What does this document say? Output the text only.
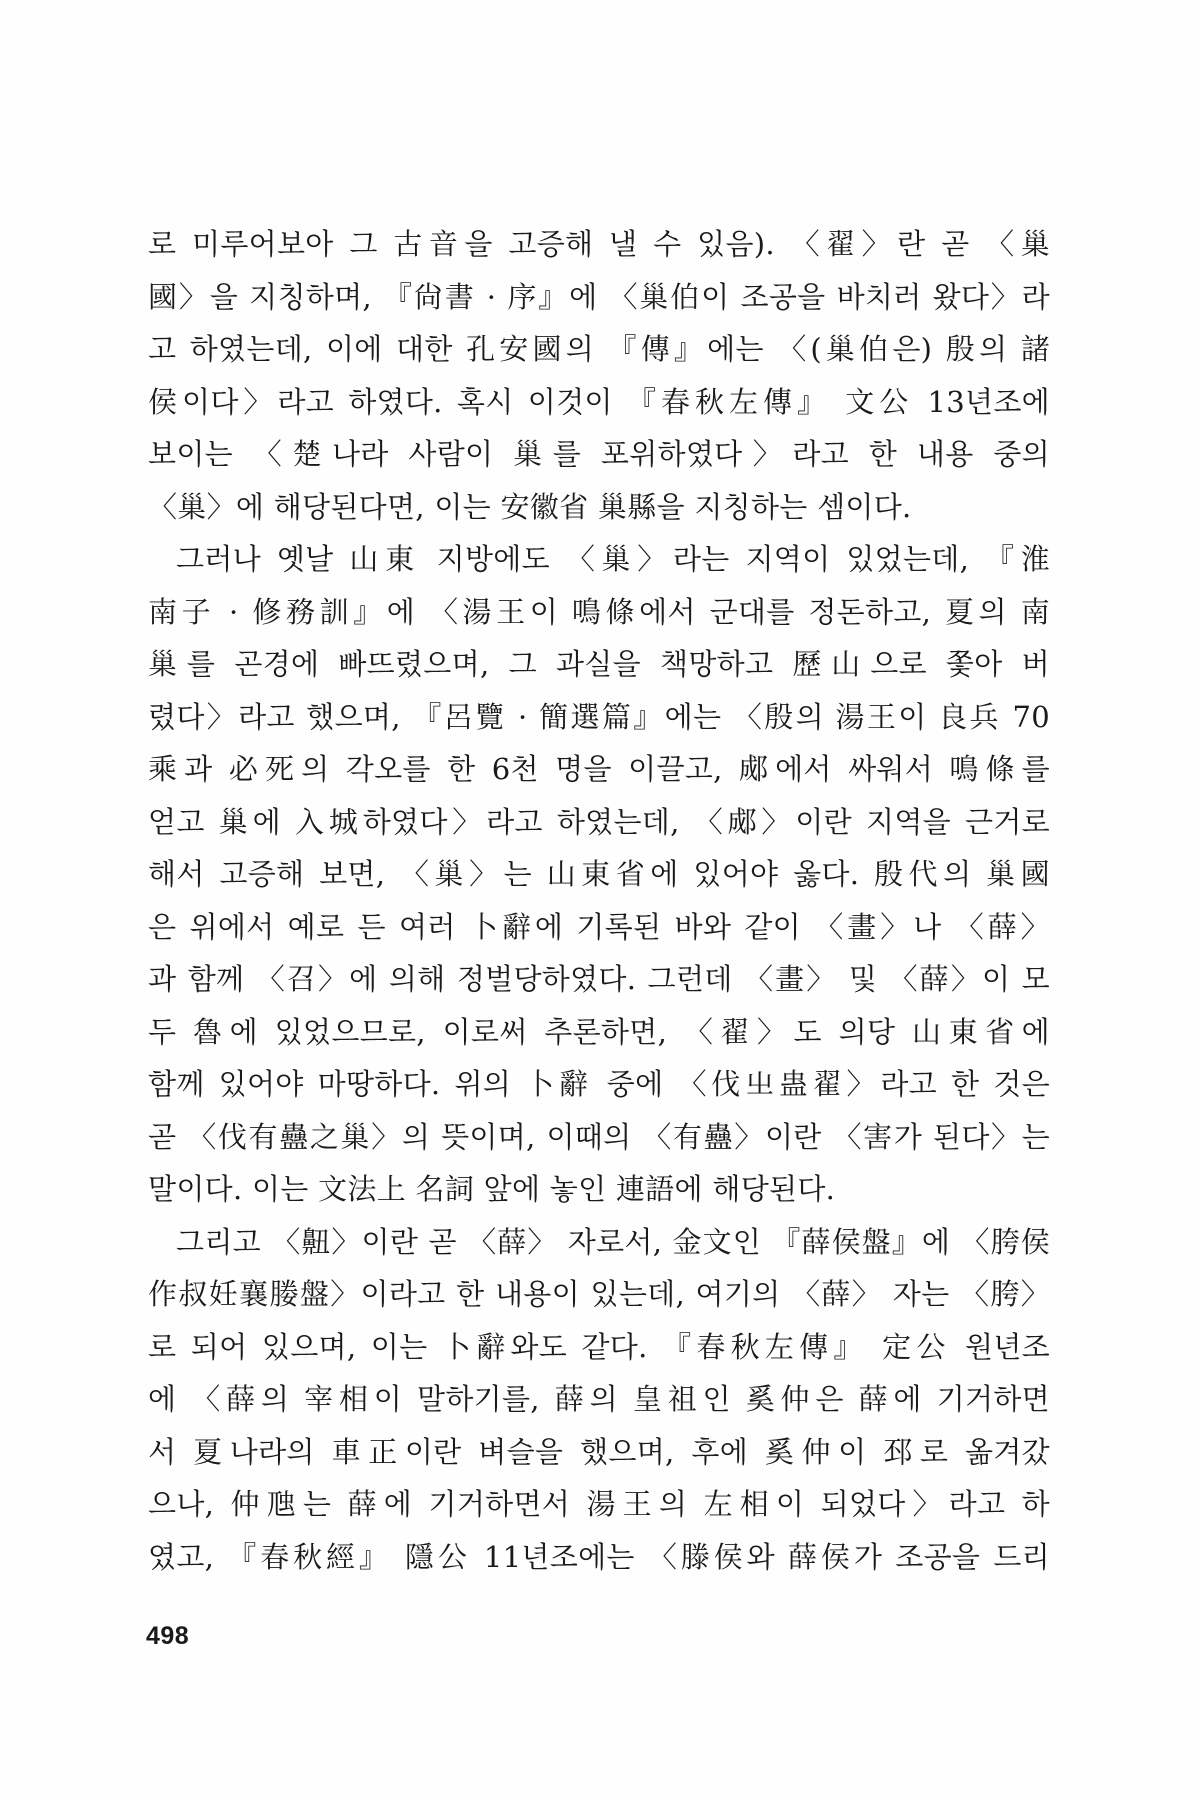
로 미루어보아 그 古音을 고증해 낼 수 있음). 〈翟〉란 곧 〈巢
國〉을 지칭하며, 『尙書 · 序』에 〈巢伯이 조공을 바치러 왔다〉라
고 하였는데, 이에 대한 孔安國의 『傳』에는 〈(巢伯은) 殷의 諸
侯이다〉라고 하였다. 혹시 이것이 『春秋左傳』 文公 13년조에
보이는 〈楚나라 사람이 巢를 포위하였다〉라고 한 내용 중의
〈巢〉에 해당된다면, 이는 安徽省 巢縣을 지칭하는 셈이다.
그러나 옛날 山東 지방에도 〈巢〉라는 지역이 있었는데, 『淮
南子 · 修務訓』에 〈湯王이 鳴條에서 군대를 정돈하고, 夏의 南
巢를 곤경에 빠뜨렸으며, 그 과실을 책망하고 歷山으로 쫓아 버
렸다〉라고 했으며, 『呂覽 · 簡選篇』에는 〈殷의 湯王이 良兵 70
乘과 必死의 각오를 한 6천 명을 이끌고, 郕에서 싸워서 鳴條를
얻고 巢에 入城하였다〉라고 하였는데, 〈郕〉이란 지역을 근거로
해서 고증해 보면, 〈巢〉는 山東省에 있어야 옳다. 殷代의 巢國
은 위에서 예로 든 여러 卜辭에 기록된 바와 같이 〈畫〉나 〈薛〉
과 함께 〈召〉에 의해 정벌당하였다. 그런데 〈畫〉 및 〈薛〉이 모
두 魯에 있었으므로, 이로써 추론하면, 〈翟〉도 의당 山東省에
함께 있어야 마땅하다. 위의 卜辭 중에 〈伐㞢蛊翟〉라고 한 것은
곧 〈伐有蠱之巢〉의 뜻이며, 이때의 〈有蠱〉이란 〈害가 된다〉는
말이다. 이는 文法上 名詞 앞에 놓인 連語에 해당된다.
그리고 〈䶊〉이란 곧 〈薛〉 자로서, 金文인 『薛侯盤』에 〈胯侯
作叔妊襄媵盤〉이라고 한 내용이 있는데, 여기의 〈薛〉 자는 〈胯〉
로 되어 있으며, 이는 卜辭와도 같다. 『春秋左傳』 定公 원년조
에 〈薛의 宰相이 말하기를, 薛의 皇祖인 奚仲은 薛에 기거하면
서 夏나라의 車正이란 벼슬을 했으며, 후에 奚仲이 邳로 옮겨갔
으나, 仲虺는 薛에 기거하면서 湯王의 左相이 되었다〉라고 하
였고, 『春秋經』 隱公 11년조에는 〈滕侯와 薛侯가 조공을 드리
498
